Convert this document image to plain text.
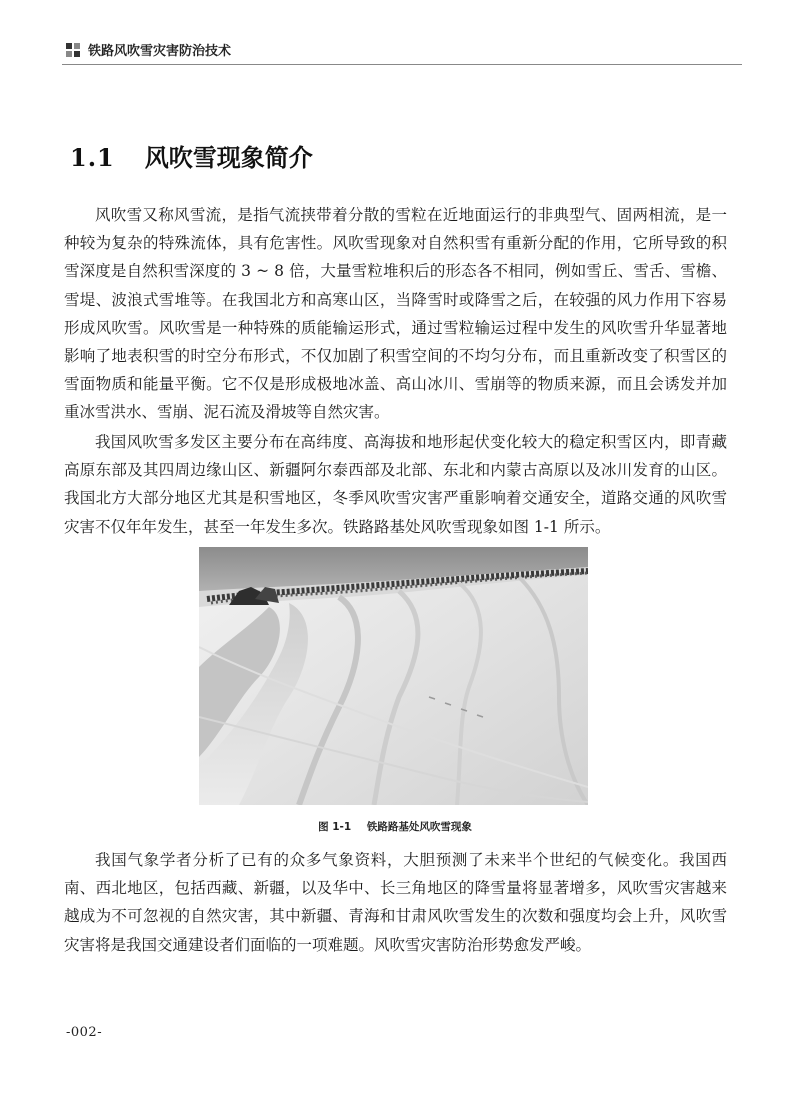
铁路风吹雪灾害防治技术
1.1 风吹雪现象简介

风吹雪又称风雪流，是指气流挟带着分散的雪粒在近地面运行的非典型气、固两相流，是一种较为复杂的特殊流体，具有危害性。风吹雪现象对自然积雪有重新分配的作用，它所导致的积雪深度是自然积雪深度的 3 ~ 8 倍，大量雪粒堆积后的形态各不相同，例如雪丘、雪舌、雪檐、雪堤、波浪式雪堆等。在我国北方和高寒山区，当降雪时或降雪之后，在较强的风力作用下容易形成风吹雪。风吹雪是一种特殊的质能输运形式，通过雪粒输运过程中发生的风吹雪升华显著地影响了地表积雪的时空分布形式，不仅加剧了积雪空间的不均匀分布，而且重新改变了积雪区的雪面物质和能量平衡。它不仅是形成极地冰盖、高山冰川、雪崩等的物质来源，而且会诱发并加重冰雪洪水、雪崩、泥石流及滑坡等自然灾害。

我国风吹雪多发区主要分布在高纬度、高海拔和地形起伏变化较大的稳定积雪区内，即青藏高原东部及其四周边缘山区、新疆阿尔泰西部及北部、东北和内蒙古高原以及冰川发育的山区。我国北方大部分地区尤其是积雪地区，冬季风吹雪灾害严重影响着交通安全，道路交通的风吹雪灾害不仅年年发生，甚至一年发生多次。铁路路基处风吹雪现象如图 1-1 所示。

图 1-1 铁路路基处风吹雪现象

我国气象学者分析了已有的众多气象资料，大胆预测了未来半个世纪的气候变化。我国西南、西北地区，包括西藏、新疆，以及华中、长三角地区的降雪量将显著增多，风吹雪灾害越来越成为不可忽视的自然灾害，其中新疆、青海和甘肃风吹雪发生的次数和强度均会上升，风吹雪灾害将是我国交通建设者们面临的一项难题。风吹雪灾害防治形势愈发严峻。

-002-
